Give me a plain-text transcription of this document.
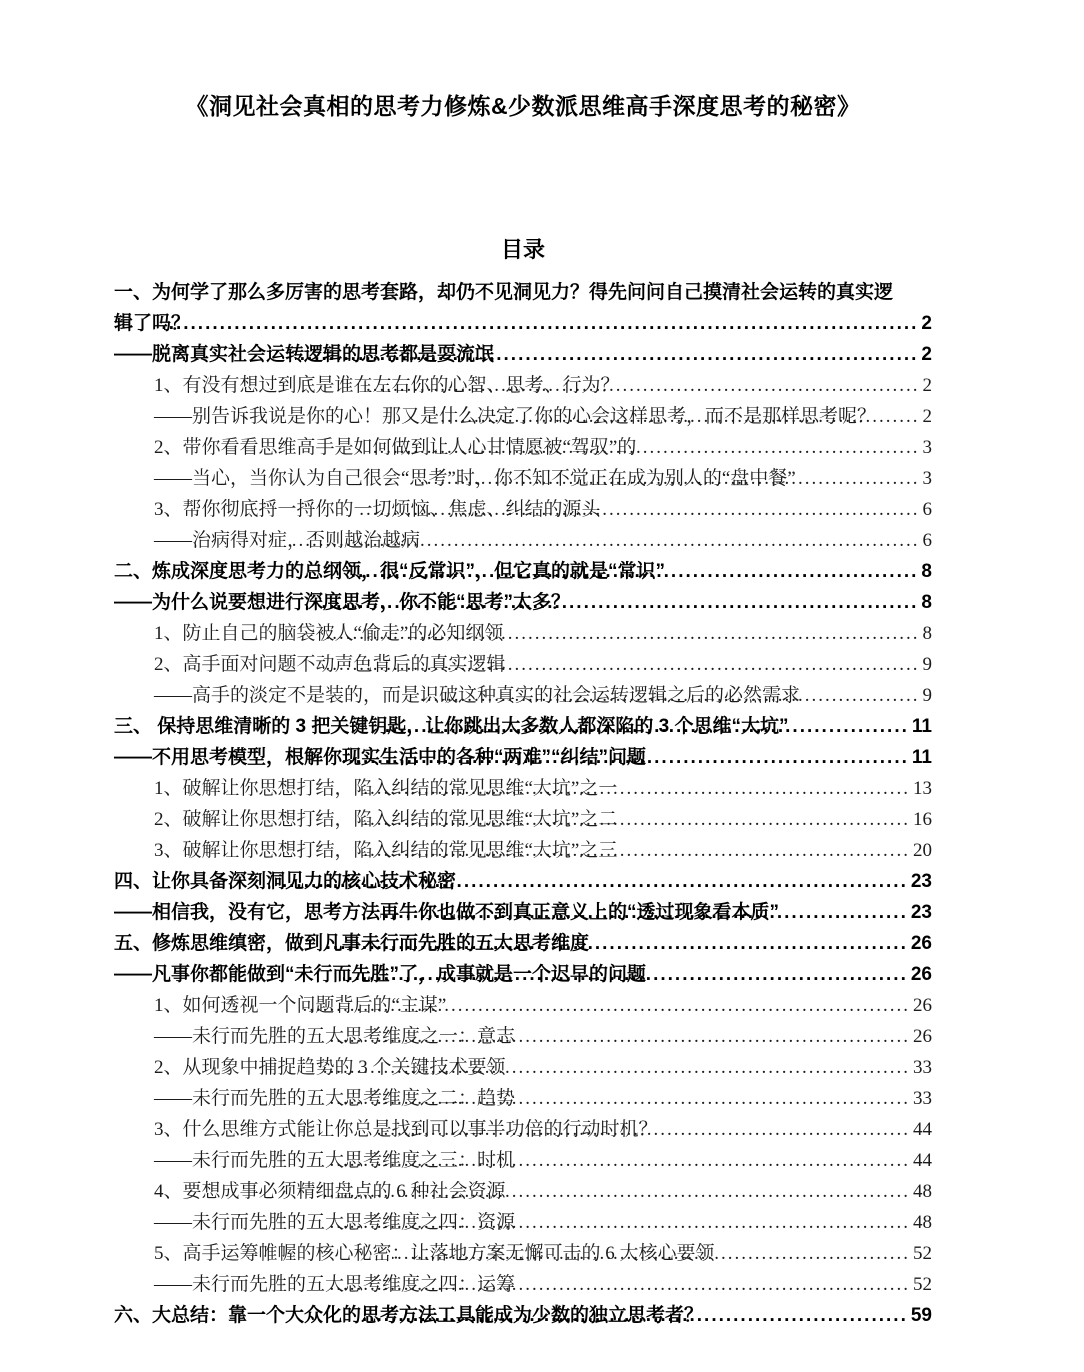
《洞见社会真相的思考力修炼&少数派思维高手深度思考的秘密》
目录
一、为何学了那么多厉害的思考套路，却仍不见洞见力？得先问问自己摸清社会运转的真实逻
辑了吗？ .....	2
——脱离真实社会运转逻辑的思考都是耍流氓 .....	2
1、有没有想过到底是谁在左右你的心智、思考、行为？ .....	2
——别告诉我说是你的心！那又是什么决定了你的心会这样思考，而不是那样思考呢？ ..... 2
2、带你看看思维高手是如何做到让人心甘情愿被“驾驭”的 .....	3
——当心，当你认为自己很会“思考”时，你不知不觉正在成为别人的“盘中餐” .....	3
3、帮你彻底捋一捋你的一切烦恼、焦虑、纠结的源头 .....	6
——治病得对症，否则越治越病 .....	6
二、炼成深度思考力的总纲领，很“反常识”，但它真的就是“常识” .....	8
——为什么说要想进行深度思考，你不能“思考”太多？ .....	8
1、防止自己的脑袋被人“偷走”的必知纲领 .....	8
2、高手面对问题不动声色背后的真实逻辑 .....	9
——高手的淡定不是装的，而是识破这种真实的社会运转逻辑之后的必然需求 .....	9
三、 保持思维清晰的 3 把关键钥匙，让你跳出大多数人都深陷的 3 个思维“大坑” .....	11
——不用思考模型，根解你现实生活中的各种“两难”“纠结”问题 .....	11
1、破解让你思想打结，陷入纠结的常见思维“大坑”之一 .....	13
2、破解让你思想打结，陷入纠结的常见思维“大坑”之二 .....	16
3、破解让你思想打结，陷入纠结的常见思维“大坑”之三 .....	20
四、让你具备深刻洞见力的核心技术秘密 .....	23
——相信我，没有它，思考方法再牛你也做不到真正意义上的“透过现象看本质” .....	23
五、修炼思维缜密，做到凡事未行而先胜的五大思考维度 .....	26
——凡事你都能做到“未行而先胜”了，成事就是一个迟早的问题 .....	26
1、如何透视一个问题背后的“主谋” .....	26
——未行而先胜的五大思考维度之一：意志 .....	26
2、从现象中捕捉趋势的 3 个关键技术要领 .....	33
——未行而先胜的五大思考维度之二：趋势 .....	33
3、什么思维方式能让你总是找到可以事半功倍的行动时机？ .....	44
——未行而先胜的五大思考维度之三：时机 .....	44
4、要想成事必须精细盘点的 6 种社会资源 .....	48
——未行而先胜的五大思考维度之四：资源 .....	48
5、高手运筹帷幄的核心秘密：让落地方案无懈可击的 6 大核心要领 .....	52
——未行而先胜的五大思考维度之四：运筹 .....	52
六、大总结：靠一个大众化的思考方法工具能成为少数的独立思考者？ .....	59
